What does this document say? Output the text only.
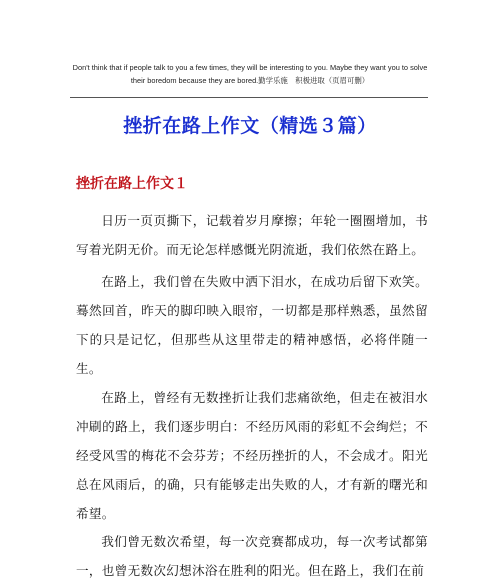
Don't think that if people talk to you a few times, they will be interesting to you. Maybe they want you to solve their boredom because they are bored.勤学乐施　积极进取（页眉可删）
挫折在路上作文（精选３篇）
挫折在路上作文１

日历一页页撕下，记载着岁月摩擦；年轮一圈圈增加，书写着光阴无价。而无论怎样感慨光阴流逝，我们依然在路上。

在路上，我们曾在失败中洒下泪水，在成功后留下欢笑。蓦然回首，昨天的脚印映入眼帘，一切都是那样熟悉，虽然留下的只是记忆，但那些从这里带走的精神感悟，必将伴随一生。

在路上，曾经有无数挫折让我们悲痛欲绝，但走在被泪水冲刷的路上，我们逐步明白：不经历风雨的彩虹不会绚烂；不经受风雪的梅花不会芬芳；不经历挫折的人，不会成才。阳光总在风雨后，的确，只有能够走出失败的人，才有新的曙光和希望。

我们曾无数次希望，每一次竞赛都成功，每一次考试都第一，也曾无数次幻想沐浴在胜利的阳光。但在路上，我们在前
